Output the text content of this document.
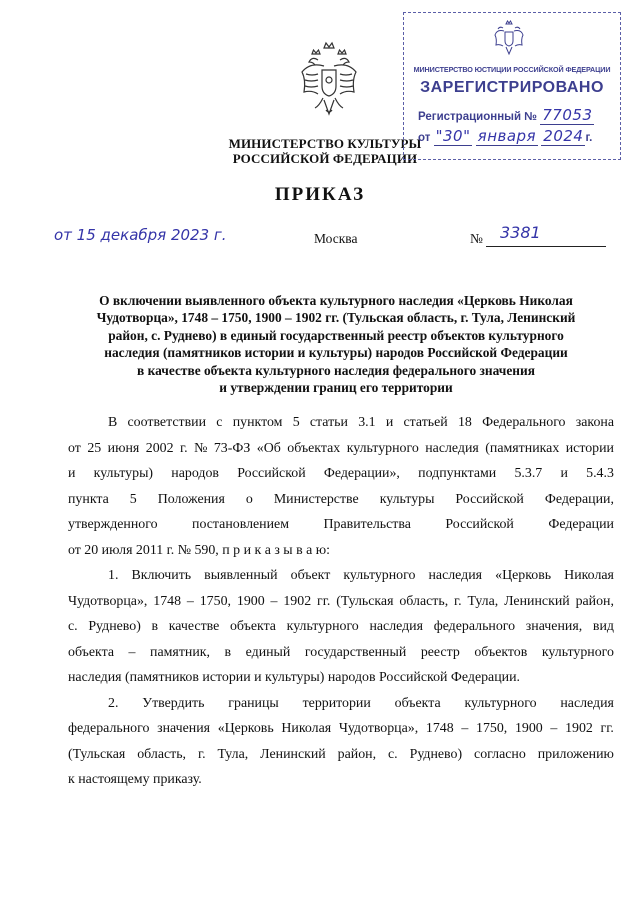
МИНИСТЕРСТВО КУЛЬТУРЫ
РОССИЙСКОЙ ФЕДЕРАЦИИ
МИНИСТЕРСТВО ЮСТИЦИИ РОССИЙСКОЙ ФЕДЕРАЦИИ
ЗАРЕГИСТРИРОВАНО
Регистрационный № 77053
от "30" января 2024 г.
ПРИКАЗ
от 15 декабря 2023 г.	Москва	№ 3381
О включении выявленного объекта культурного наследия «Церковь Николая
Чудотворца», 1748 – 1750, 1900 – 1902 гг. (Тульская область, г. Тула, Ленинский
район, с. Руднево) в единый государственный реестр объектов культурного
наследия (памятников истории и культуры) народов Российской Федерации
в качестве объекта культурного наследия федерального значения
и утверждении границ его территории
В соответствии с пунктом 5 статьи 3.1 и статьей 18 Федерального закона
от 25 июня 2002 г. № 73-ФЗ «Об объектах культурного наследия (памятниках истории
и культуры) народов Российской Федерации», подпунктами 5.3.7 и 5.4.3
пункта 5 Положения о Министерстве культуры Российской Федерации,
утвержденного постановлением Правительства Российской Федерации
от 20 июля 2011 г. № 590, п р и к а з ы в а ю:
1. Включить выявленный объект культурного наследия «Церковь Николая
Чудотворца», 1748 – 1750, 1900 – 1902 гг. (Тульская область, г. Тула, Ленинский район,
с. Руднево) в качестве объекта культурного наследия федерального значения, вид
объекта – памятник, в единый государственный реестр объектов культурного
наследия (памятников истории и культуры) народов Российской Федерации.
2. Утвердить границы территории объекта культурного наследия
федерального значения «Церковь Николая Чудотворца», 1748 – 1750, 1900 – 1902 гг.
(Тульская область, г. Тула, Ленинский район, с. Руднево) согласно приложению
к настоящему приказу.
